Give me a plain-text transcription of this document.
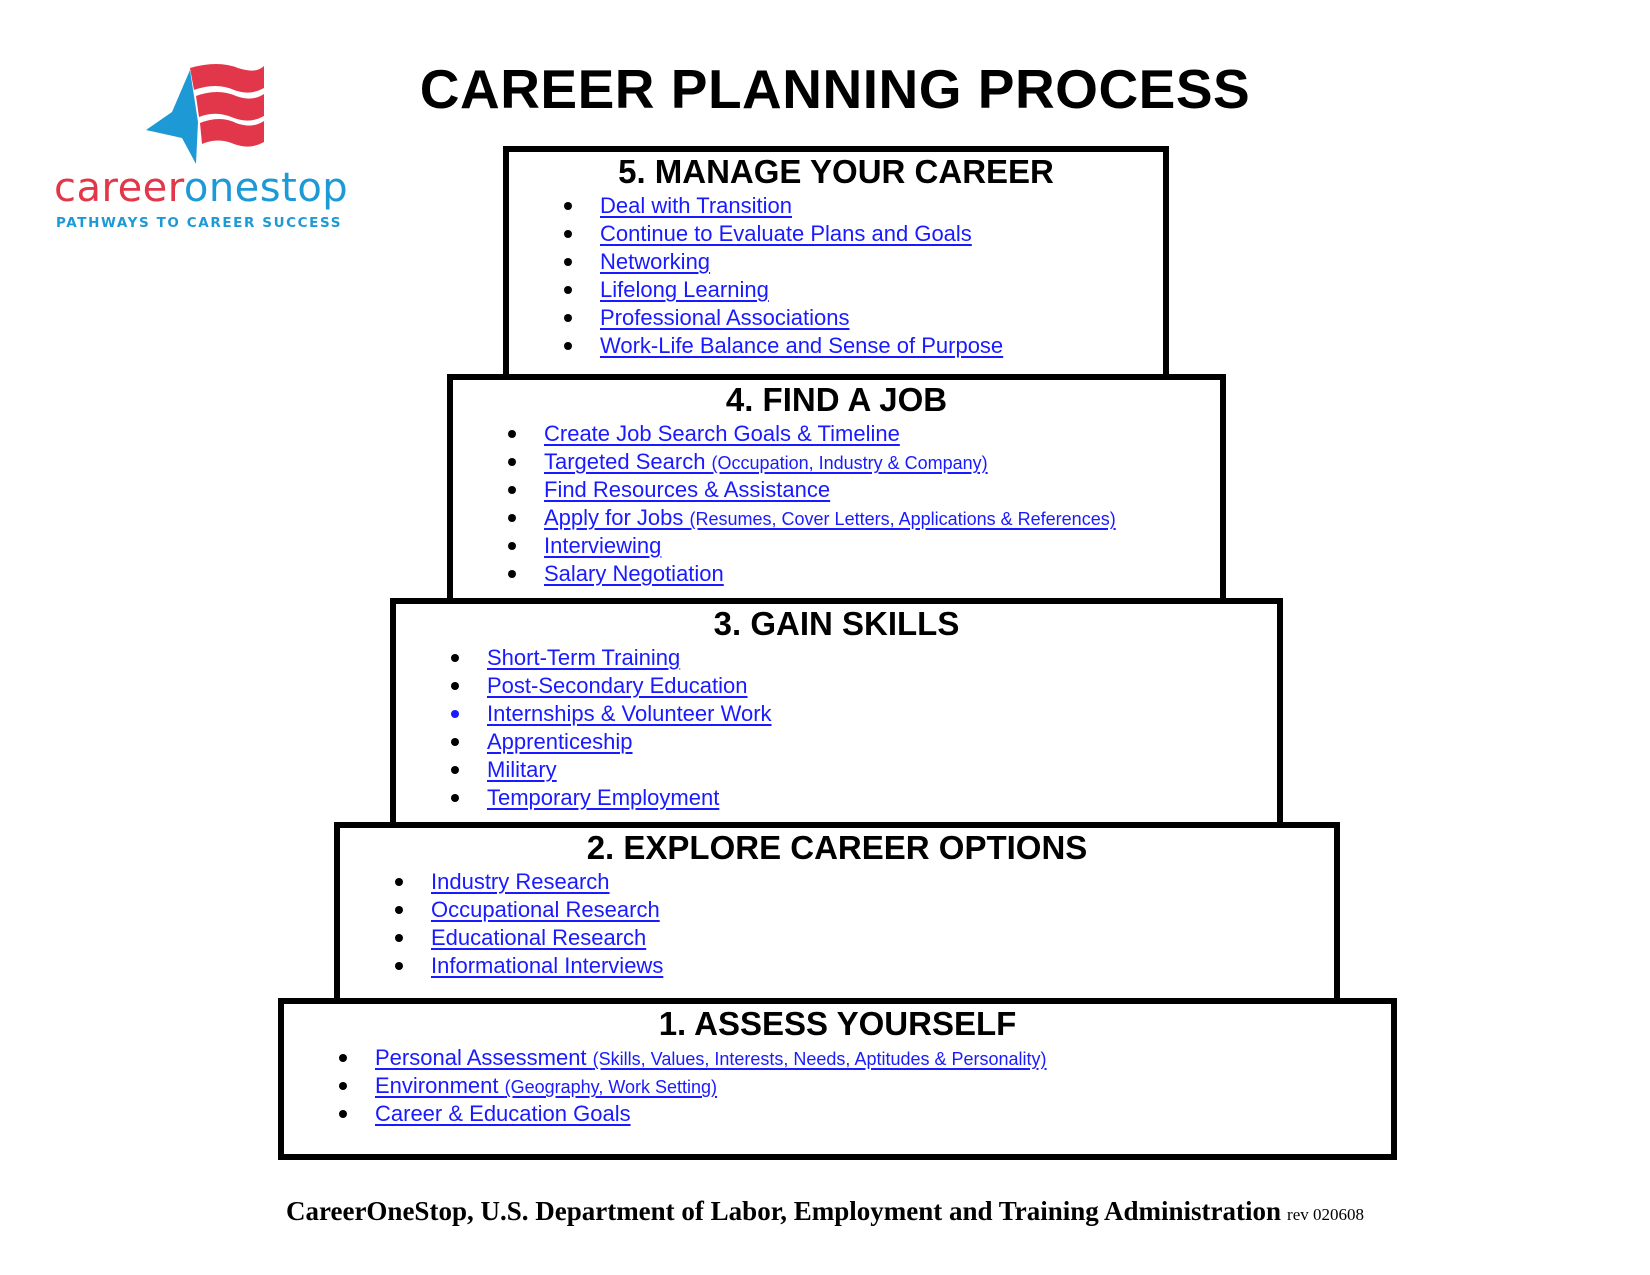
careeronestop
PATHWAYS TO CAREER SUCCESS
CAREER PLANNING PROCESS
5. MANAGE YOUR CAREER
Deal with Transition
Continue to Evaluate Plans and Goals
Networking
Lifelong Learning
Professional Associations
Work-Life Balance and Sense of Purpose
4. FIND A JOB
Create Job Search Goals & Timeline
Targeted Search (Occupation, Industry & Company)
Find Resources & Assistance
Apply for Jobs (Resumes, Cover Letters, Applications & References)
Interviewing
Salary Negotiation
3. GAIN SKILLS
Short-Term Training
Post-Secondary Education
Internships & Volunteer Work
Apprenticeship
Military
Temporary Employment
2. EXPLORE CAREER OPTIONS
Industry Research
Occupational Research
Educational Research
Informational Interviews
1. ASSESS YOURSELF
Personal Assessment (Skills, Values, Interests, Needs, Aptitudes & Personality)
Environment (Geography, Work Setting)
Career & Education Goals
CareerOneStop, U.S. Department of Labor, Employment and Training Administration rev 020608
